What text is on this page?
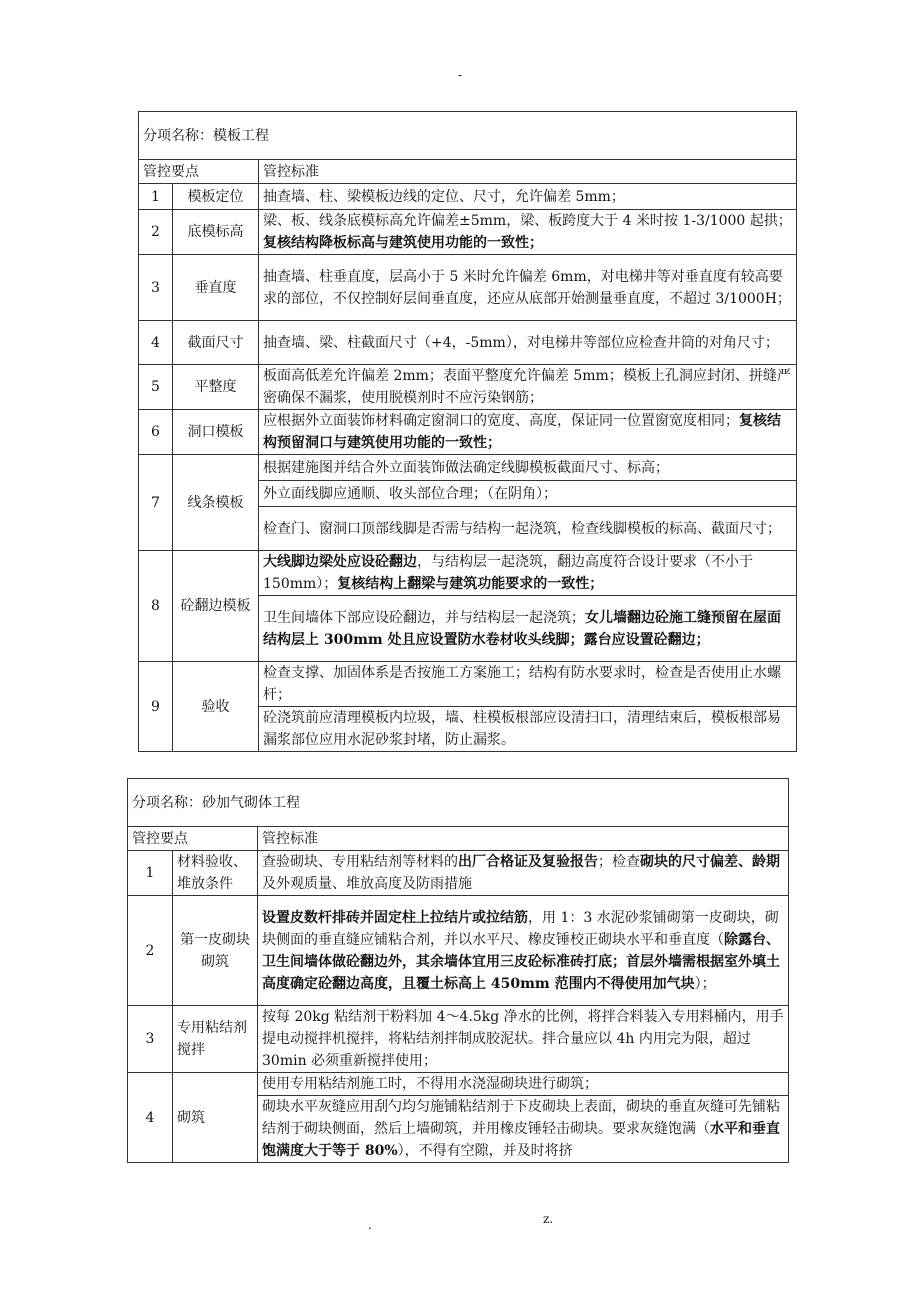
-
分项名称：模板工程		
管控要点		管控标准
1	模板定位	抽查墙、柱、梁模板边线的定位、尺寸，允许偏差 5mm；
2	底模标高	梁、板、线条底模标高允许偏差±5mm，梁、板跨度大于 4 米时按 1-3/1000 起拱；复核结构降板标高与建筑使用功能的一致性；
3	垂直度	抽查墙、柱垂直度，层高小于 5 米时允许偏差 6mm，对电梯井等对垂直度有较高要求的部位，不仅控制好层间垂直度，还应从底部开始测量垂直度，不超过 3/1000H；
4	截面尺寸	抽查墙、梁、柱截面尺寸（+4，-5mm），对电梯井等部位应检查井筒的对角尺寸；
5	平整度	板面高低差允许偏差 2mm；表面平整度允许偏差 5mm；模板上孔洞应封闭、拼缝严密确保不漏浆，使用脱模剂时不应污染钢筋；
6	洞口模板	应根据外立面装饰材料确定窗洞口的宽度、高度，保证同一位置窗宽度相同；复核结构预留洞口与建筑使用功能的一致性；
7	线条模板	根据建施图并结合外立面装饰做法确定线脚模板截面尺寸、标高；
		外立面线脚应通顺、收头部位合理；（在阴角）；
		检查门、窗洞口顶部线脚是否需与结构一起浇筑，检查线脚模板的标高、截面尺寸；
8	砼翻边模板	大线脚边梁处应设砼翻边，与结构层一起浇筑，翻边高度符合设计要求（不小于 150mm）；复核结构上翻梁与建筑功能要求的一致性；
		卫生间墙体下部应设砼翻边，并与结构层一起浇筑；女儿墙翻边砼施工缝预留在屋面结构层上 300mm 处且应设置防水卷材收头线脚；露台应设置砼翻边；
9	验收	检查支撑、加固体系是否按施工方案施工；结构有防水要求时，检查是否使用止水螺杆；
		砼浇筑前应清理模板内垃圾，墙、柱模板根部应设清扫口，清理结束后，模板根部易漏浆部位应用水泥砂浆封堵，防止漏浆。
分项名称：砂加气砌体工程		
管控要点		管控标准
1	材料验收、堆放条件	查验砌块、专用粘结剂等材料的出厂合格证及复验报告；检查砌块的尺寸偏差、龄期及外观质量、堆放高度及防雨措施
2	第一皮砌块砌筑	设置皮数杆排砖并固定柱上拉结片或拉结筋，用 1：3 水泥砂浆铺砌第一皮砌块，砌块侧面的垂直缝应铺粘合剂，并以水平尺、橡皮锤校正砌块水平和垂直度（除露台、卫生间墙体做砼翻边外，其余墙体宜用三皮砼标准砖打底；首层外墙需根据室外填土高度确定砼翻边高度，且覆土标高上 450mm 范围内不得使用加气块）；
3	专用粘结剂搅拌	按每 20kg 粘结剂干粉料加 4～4.5kg 净水的比例，将拌合料装入专用料桶内，用手提电动搅拌机搅拌，将粘结剂拌制成胶泥状。拌合量应以 4h 内用完为限，超过 30min 必须重新搅拌使用；
4	砌筑	使用专用粘结剂施工时，不得用水浇湿砌块进行砌筑；
		砌块水平灰缝应用刮勺均匀施铺粘结剂于下皮砌块上表面，砌块的垂直灰缝可先铺粘结剂于砌块侧面，然后上墙砌筑，并用橡皮锤轻击砌块。要求灰缝饱满（水平和垂直饱满度大于等于 80%），不得有空隙，并及时将挤
.	z.
